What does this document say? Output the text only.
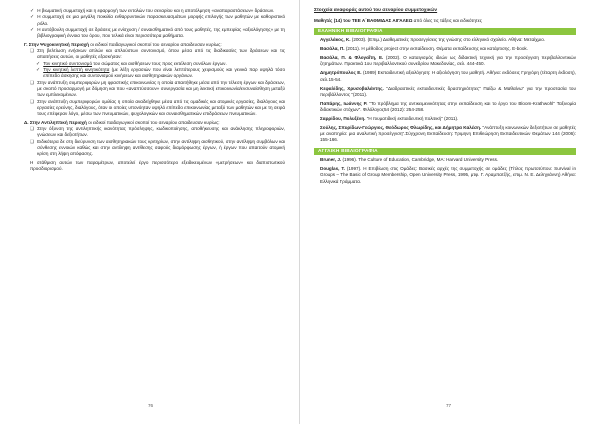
✓ Η βιωματική συμμετοχή και η εφαρμογή των εντολών του σεναρίου και η αποτόλμηση «αναπαραστάσεων» δράσεων.
✓ Η συμμετοχή σε μια μεγάλη ποικιλία ενθαρρυντικών παρασκευασμάτων μορφής επιλογής των μαθητών με καθοριστικό ρόλο.
✓ Η αυτόβουλη συμμετοχή σε δράσεις με ενίσχυση / συναισθηματικό από τους μαθητές, της εμπειρίας «αξιολόγησης» με τη βιβλιογραφική έννοια του όρου, που τελικά είναι περισσότερα μαθήματα.

Γ. Στην Ψυχοκινητική περιοχή οι ειδικοί παιδαγωγικοί σκοποί του σεναρίου απαιδευσαν κυρίως:

❑ Στη βελτίωση ενήσκων απλών και απλούστων συντονισμό, όπου μέσα από τις διαδικασίες των δράσεων και τις απαιτήσεις αυτών, οι μαθητές εξασκήσαν:
✓ Τον κινητικό συντονισμό του σώματος και αισθήσεων τους προς εκτέλεση συνόλων έργων.
✓ Την κινητική λεπτή κινητικότητα (με λέξη εργασιών που είναι λεπτότερους χειρισμούς και γενικά παρ υψηλά τόσο επίπεδο άσκησης και συντονισμού κινήσεων και αισθητηριακών οργάνων.
❑ Στην ανάπτυξη συμπεριφορών μη φραστικής επικοινωνίας η οποία απαιτήθηκε μέσα από την τέλεση έργων και δράσεων, με σκοπό προσαρμογή με δόμηση και που «αναπτύσσουν» συνεργασία και μη λεκτική επικοινωνία/ενσυναίσθηση μεταξύ των εμπλεκομένων.
❑ Στην ανάπτυξη συμπεριφορών ομιλίας η οποία αναδείχθηκε μέσα από τις ομαδικές και ατομικές εργασίες, διαλόγους και εργασίες ερεύνης, διαλόγους, όταν οι οποίες υπονόηταν υψηλό επίπεδο επικοινωνίας μεταξύ των μαθητών και με τη σειρά τους επέφεραν λόγο, μέσω των πνευματικών, ψυχολογικών και συναισθηματικών επιδράσεων πνευματικών.

Δ. Στην Αντιληπτική περιοχή οι ειδικοί παιδαγωγικοί σκοποί του σεναρίου απαιδευσαν κυρίως:

❑ Στην όξυνση της αντιληπτικής ικανότητας πρόσληψης, κωδικοποίησης, αποθήκευσης και ανάκλησης πληροφοριών, γνώσεων και δεξιοτήτων.
❑ Ειδικότερα δε στη διεύρυνση των αισθητηριακών τους κριτηρίων, στην αντίληψη αισθητικού, στην αντίληψη συμβόλων και σύνθεσης εννοιών καθώς και στην αντίληψη αντίθεσης σαφούς διαμόρφωσης έργων, ή έργων που απαιτούν ατομική κρίση στη λήψη απόφασης.

Η στάθμιση αυτών των παραμέτρων, αποτελεί έργο περισσότερο εξειδικευμένων «μετρήσεων» και διαπιστωτικού προσδιορισμού.

76
Στοιχεία αναφοράς αυτού του σεναρίου συμμετοχικών

Μαθητές (14) του ΤΕΕ Α΄ΒΑΘΜΙΔΑΣ ΑΙΓΑΛΕΩ από όλες τις τάξεις και ειδικότητες

ΕΛΛΗΝΙΚΗ ΒΙΒΛΙΟΓΡΑΦΙΑ

Αγγελάκος, Κ. (2003). (Επιμ.) Διαθεματικές προσεγγίσεις της γνώσης στο ελληνικό σχολείο. Αθήνα: Μεταίχμιο.

Βασάλα, Π. (2011). Η μέθοδος project στην εκπαίδευση. Θέματα εκπαίδευσης και κατάρτισης. Ε-book.

Βασάλα, Π. & Φλογαΐτη, Ε. (2002). Ο καταιγισμός ιδεών ως διδακτική τεχνική για την προσέγγιση περιβαλλοντικών ζητημάτων. Πρακτικά 1ου περιβαλλοντικού συνεδρίου Μακεδονίας, σελ. 444-450.

Δημητρόπουλος Ε. (1989) Εκπαιδευτική αξιολόγηση: Η αξιολόγηση του μαθητή. Αθήνα: εκδόσεις Γρηγόρη (τέταρτη έκδοση), σελ.15-54.

Κεφαλίδης, Χρυσοβαλάντης. "Διαδραστικές εκπαιδευτικές δραστηριότητες" Παίζω & Μαθαίνω" για την προστασία του περιβάλλοντος "(2011).

Παπάρης, Ιωάννης Ρ. "Το πρόβλημα της αντικειμενικότητας στην εκπαίδευση και το έργο του Bloom-Krathwohl" Ταξινομία διδακτικών στόχων". Φιλόλογος54 (2012): 254-258.

Σαρρίδου, Πολυξένη. "Η πιυματιδική εκπαιδευτική πολιτική" (2011).

Σούλης, Σπυρίδων-Γεώργιος, Θεόδωρος Φλωρίδης, και Δήμητρα Καλέση. "Ανάπτυξη κοινωνικών δεξιοτήτων σε μαθητές με αναπηρία: μια αναλυτική προσέγγιση".Σύγχρονη Εκπαίδευση: Τριμηνη Επιθεώρηση Εκπαιδευτικών Θεμάτων 144 (2006): 155-166.

ΑΓΓΛΙΚΗ ΒΙΒΛΙΟΓΡΑΦΙΑ

Bruner, J. (1996). The Culture of Education, Cambridge, MA: Harvard University Press.

Douglas, T. (1997). Η Επιβίωση στις Ομάδες: Βασικές αρχές της συμμετοχής σε ομάδες (Τίτλος πρωτοτύπου: Survival in Groups – The Basic of Group Membership, Open University Press, 1995, μτφ. Γ. Αραμπατζής, επιμ. Ν. Ε. Δεληγιάννη) Αθήνα: Ελληνικά Γράμματα.

77
